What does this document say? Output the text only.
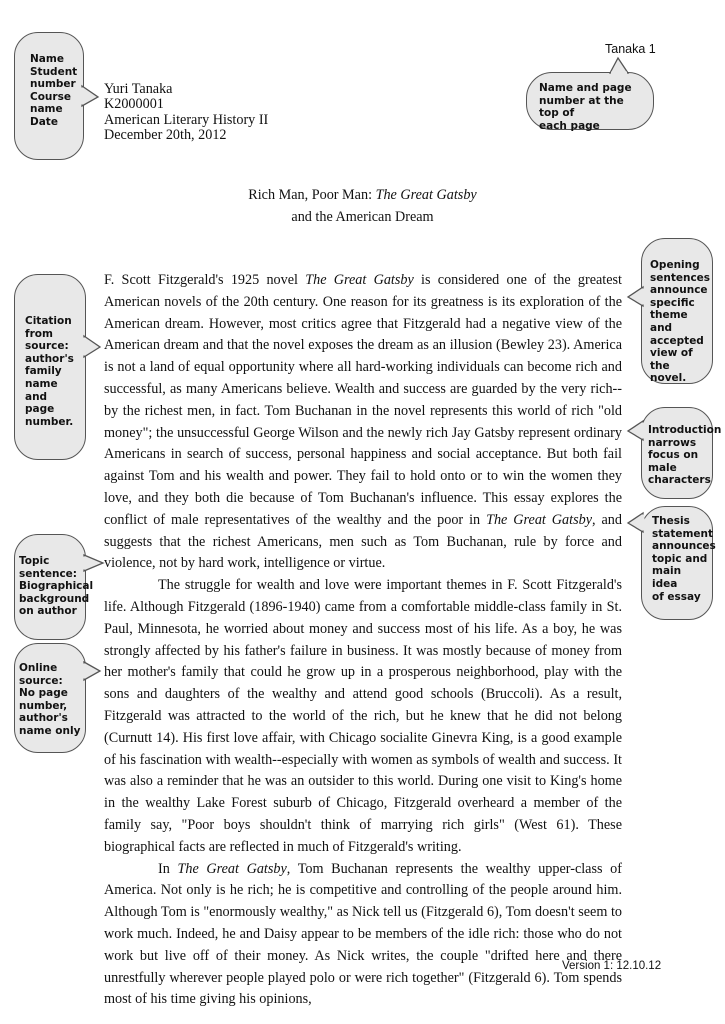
Tanaka 1
Yuri Tanaka
K2000001
American Literary History II
December 20th, 2012
Rich Man, Poor Man: The Great Gatsby
and the American Dream

F. Scott Fitzgerald's 1925 novel The Great Gatsby is considered one of the greatest American novels of the 20th century. One reason for its greatness is its exploration of the American dream. However, most critics agree that Fitzgerald had a negative view of the American dream and that the novel exposes the dream as an illusion (Bewley 23). America is not a land of equal opportunity where all hard-working individuals can become rich and successful, as many Americans believe. Wealth and success are guarded by the very rich--by the richest men, in fact. Tom Buchanan in the novel represents this world of rich "old money"; the unsuccessful George Wilson and the newly rich Jay Gatsby represent ordinary Americans in search of success, personal happiness and social acceptance. But both fail against Tom and his wealth and power. They fail to hold onto or to win the women they love, and they both die because of Tom Buchanan's influence. This essay explores the conflict of male representatives of the wealthy and the poor in The Great Gatsby, and suggests that the richest Americans, men such as Tom Buchanan, rule by force and violence, not by hard work, intelligence or virtue.

The struggle for wealth and love were important themes in F. Scott Fitzgerald's life. Although Fitzgerald (1896-1940) came from a comfortable middle-class family in St. Paul, Minnesota, he worried about money and success most of his life. As a boy, he was strongly affected by his father's failure in business. It was mostly because of money from her mother's family that could he grow up in a prosperous neighborhood, play with the sons and daughters of the wealthy and attend good schools (Bruccoli). As a result, Fitzgerald was attracted to the world of the rich, but he knew that he did not belong (Curnutt 14). His first love affair, with Chicago socialite Ginevra King, is a good example of his fascination with wealth--especially with women as symbols of wealth and success. It was also a reminder that he was an outsider to this world. During one visit to King's home in the wealthy Lake Forest suburb of Chicago, Fitzgerald overheard a member of the family say, "Poor boys shouldn't think of marrying rich girls" (West 61). These biographical facts are reflected in much of Fitzgerald's writing.

In The Great Gatsby, Tom Buchanan represents the wealthy upper-class of America. Not only is he rich; he is competitive and controlling of the people around him. Although Tom is "enormously wealthy," as Nick tell us (Fitzgerald 6), Tom doesn't seem to work much. Indeed, he and Daisy appear to be members of the idle rich: those who do not work but live off of their money. As Nick writes, the couple "drifted here and there unrestfully wherever people played polo or were rich together" (Fitzgerald 6). Tom spends most of his time giving his opinions,

Version 1: 12.10.12
Name
Student
number
Course
name
Date
Name and page
number at the top of
each page
Citation
from
source:
author's
family
name and
page
number.
Opening
sentences
announce
specific
theme and
accepted
view of
the novel.
Introduction
narrows
focus on
male
characters
Thesis
statement
announces
topic and
main idea
of essay
Topic
sentence:
Biographical
background
on author
Online source:
No page
number,
author's
name only
